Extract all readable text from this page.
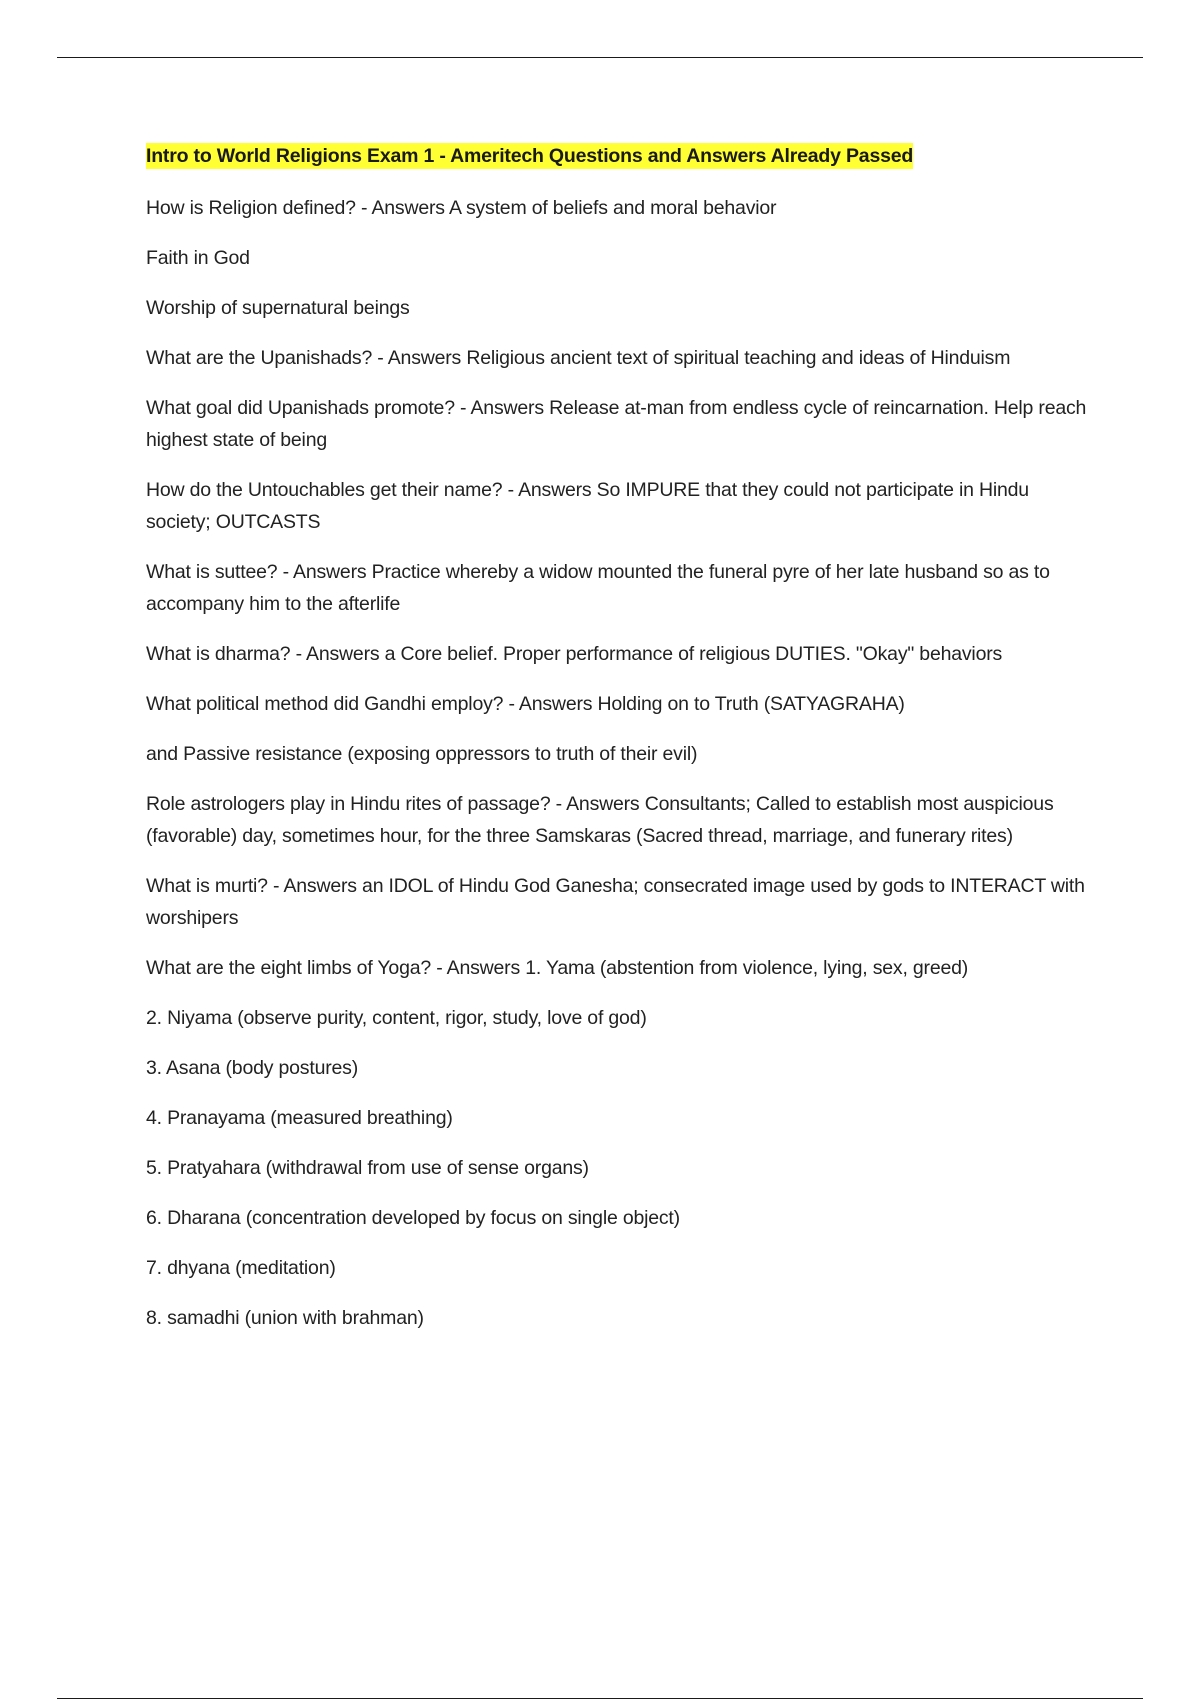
Intro to World Religions Exam 1 - Ameritech Questions and Answers Already Passed

How is Religion defined? - Answers A system of beliefs and moral behavior

Faith in God

Worship of supernatural beings

What are the Upanishads? - Answers Religious ancient text of spiritual teaching and ideas of Hinduism

What goal did Upanishads promote? - Answers Release at-man from endless cycle of reincarnation. Help reach highest state of being

How do the Untouchables get their name? - Answers So IMPURE that they could not participate in Hindu society; OUTCASTS

What is suttee? - Answers Practice whereby a widow mounted the funeral pyre of her late husband so as to accompany him to the afterlife

What is dharma? - Answers a Core belief. Proper performance of religious DUTIES. "Okay" behaviors

What political method did Gandhi employ? - Answers Holding on to Truth (SATYAGRAHA)

and Passive resistance (exposing oppressors to truth of their evil)

Role astrologers play in Hindu rites of passage? - Answers Consultants; Called to establish most auspicious (favorable) day, sometimes hour, for the three Samskaras (Sacred thread, marriage, and funerary rites)

What is murti? - Answers an IDOL of Hindu God Ganesha; consecrated image used by gods to INTERACT with worshipers

What are the eight limbs of Yoga? - Answers 1. Yama (abstention from violence, lying, sex, greed)

2. Niyama (observe purity, content, rigor, study, love of god)

3. Asana (body postures)

4. Pranayama (measured breathing)

5. Pratyahara (withdrawal from use of sense organs)

6. Dharana (concentration developed by focus on single object)

7. dhyana (meditation)

8. samadhi (union with brahman)
